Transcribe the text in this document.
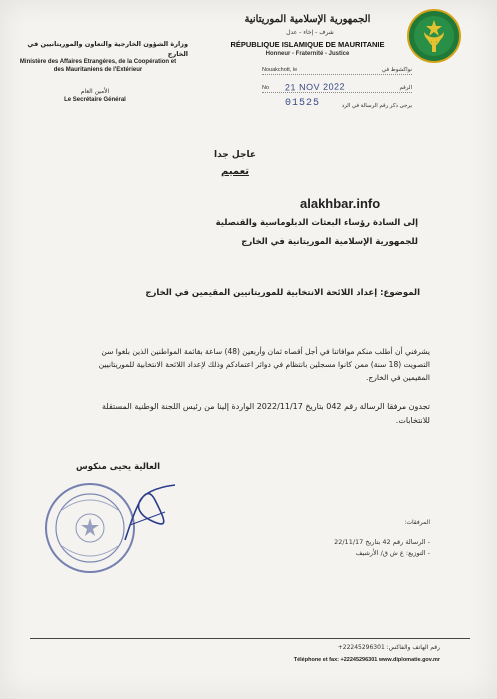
الجمهورية الإسلامية الموريتانية
شرف - إخاء - عدل
RÉPUBLIQUE ISLAMIQUE DE MAURITANIE
Honneur - Fraternité - Justice
وزارة الشؤون الخارجية والتعاون والموريتانيين في الخارج
Ministère des Affaires Etrangères, de la Coopération et
des Mauritaniens de l'Extérieur
الأمين العام
Le Secrétaire Général
Nouakchott, le	نواكشوط في
21 NOV 2022
No	الرقم
01525	يرجى ذكر رقم الرسالة في الرد
عاجل جدا
تعميم
alakhbar.info
إلى السادة رؤساء البعثات الدبلوماسية والقنصلية
للجمهورية الإسلامية الموريتانية في الخارج
الموضوع: إعداد اللائحة الانتخابية للموريتانيين المقيمين في الخارج
يشرفني أن أطلب منكم موافاتنا في أجل أقصاه ثمان وأربعين (48) ساعة بقائمة المواطنين الذين بلغوا سن
التصويت (18 سنة) ممن كانوا مسجلين بانتظام في دوائر اعتمادكم وذلك لإعداد اللائحة الانتخابية للموريتانيين
المقيمين في الخارج.
تجدون مرفقا الرسالة رقم 042 بتاريخ 2022/11/17 الواردة إلينا من رئيس اللجنة الوطنية المستقلة
للانتخابات.
العالية يحيى منكوس
المرفقات:
- الرسالة رقم 42 بتاريخ 22/11/17
- التوزيع: ع ش ق/ الأرشيف
رقم الهاتف والفاكس: 22245296301+
Téléphone et fax: +22245296301 www.diplomatie.gov.mr
